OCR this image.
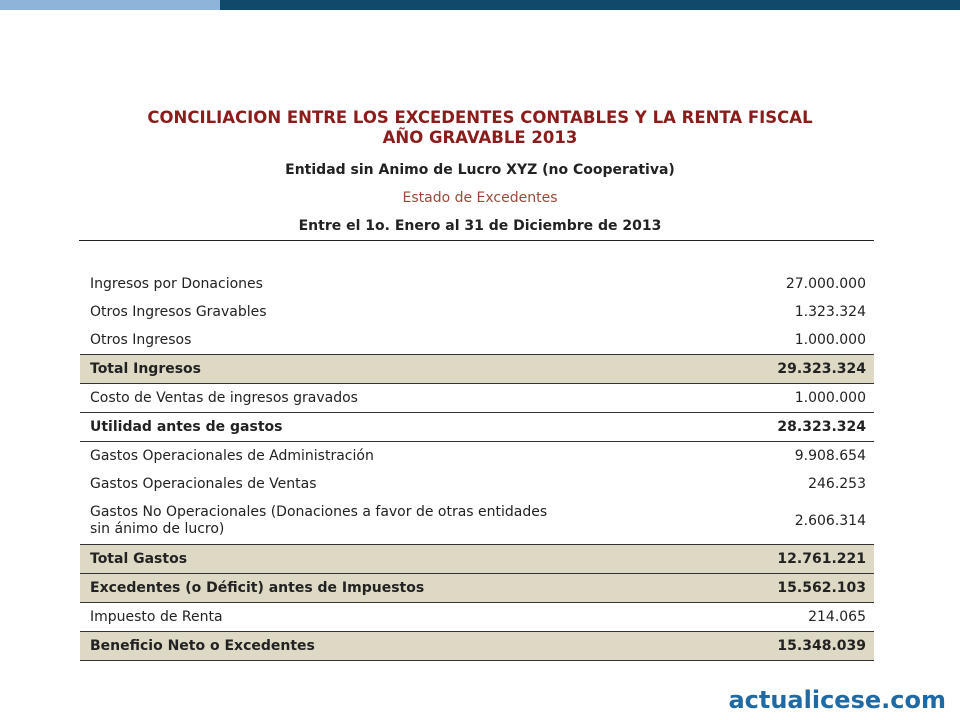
CONCILIACION ENTRE LOS EXCEDENTES CONTABLES Y LA RENTA FISCAL
AÑO GRAVABLE 2013
Entidad sin Animo de Lucro XYZ (no Cooperativa)
Estado de Excedentes
Entre el 1o. Enero al 31 de Diciembre de 2013
Ingresos por Donaciones	27.000.000
Otros Ingresos Gravables	1.323.324
Otros Ingresos	1.000.000
Total Ingresos	29.323.324
Costo de Ventas de ingresos gravados	1.000.000
Utilidad antes de gastos	28.323.324
Gastos Operacionales de Administración	9.908.654
Gastos Operacionales de Ventas	246.253
Gastos No Operacionales (Donaciones a favor de otras entidades sin ánimo de lucro)	2.606.314
Total Gastos	12.761.221
Excedentes (o Déficit) antes de Impuestos	15.562.103
Impuesto de Renta	214.065
Beneficio Neto o Excedentes	15.348.039
actualicese.com
